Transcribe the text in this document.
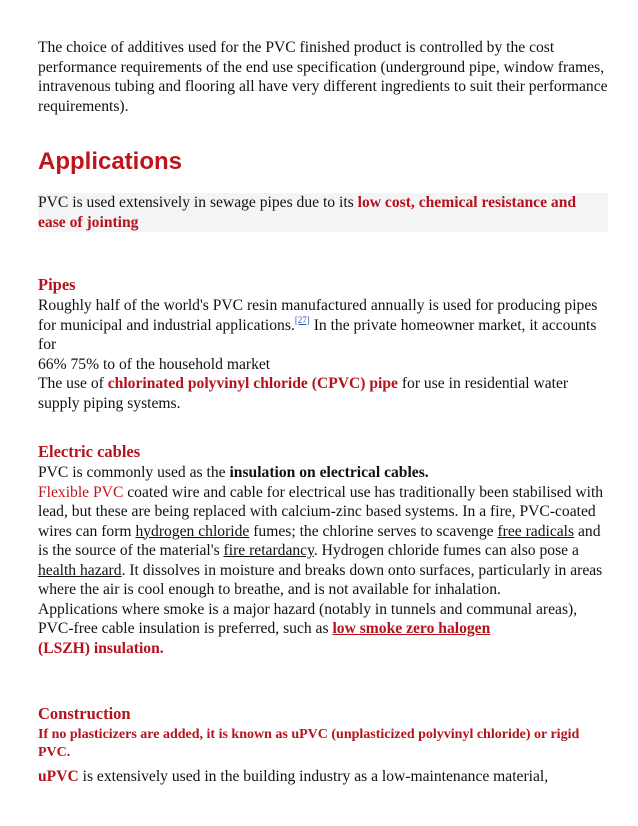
The choice of additives used for the PVC finished product is controlled by the cost performance requirements of the end use specification (underground pipe, window frames, intravenous tubing and flooring all have very different ingredients to suit their performance requirements).

Applications

PVC is used extensively in sewage pipes due to its low cost, chemical resistance and ease of jointing

Pipes

Roughly half of the world's PVC resin manufactured annually is used for producing pipes for municipal and industrial applications.[27] In the private homeowner market, it accounts for

66% 75% to of the household market

The use of chlorinated polyvinyl chloride (CPVC) pipe for use in residential water supply piping systems.

Electric cables

PVC is commonly used as the insulation on electrical cables.

Flexible PVC coated wire and cable for electrical use has traditionally been stabilised with lead, but these are being replaced with calcium-zinc based systems. In a fire, PVC-coated wires can form hydrogen chloride fumes; the chlorine serves to scavenge free radicals and is the source of the material's fire retardancy. Hydrogen chloride fumes can also pose a health hazard. It dissolves in moisture and breaks down onto surfaces, particularly in areas where the air is cool enough to breathe, and is not available for inhalation.

Applications where smoke is a major hazard (notably in tunnels and communal areas), PVC-free cable insulation is preferred, such as low smoke zero halogen
(LSZH) insulation.

Construction

If no plasticizers are added, it is known as uPVC (unplasticized polyvinyl chloride) or rigid PVC.

uPVC is extensively used in the building industry as a low-maintenance material,
